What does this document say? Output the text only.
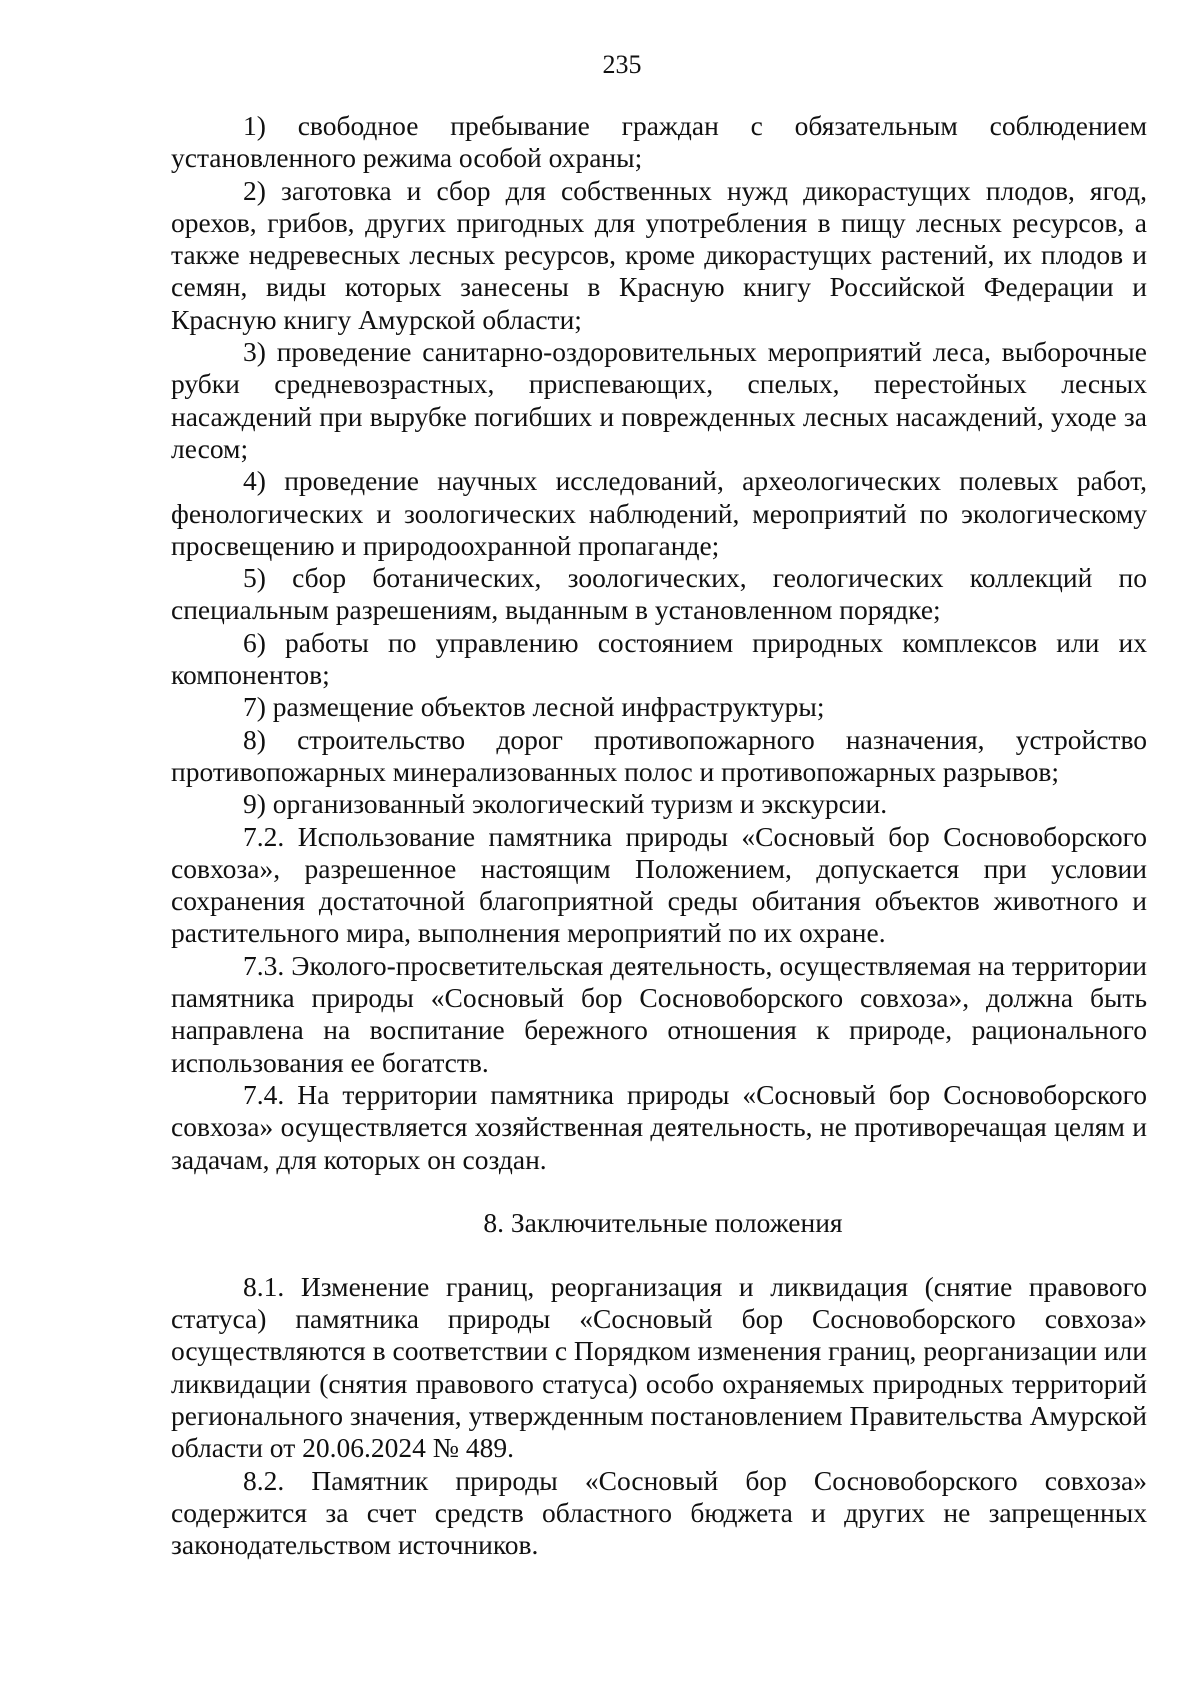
235

1) свободное пребывание граждан с обязательным соблюдением установленного режима особой охраны;

2) заготовка и сбор для собственных нужд дикорастущих плодов, ягод, орехов, грибов, других пригодных для употребления в пищу лесных ресурсов, а также недревесных лесных ресурсов, кроме дикорастущих растений, их плодов и семян, виды которых занесены в Красную книгу Российской Федерации и Красную книгу Амурской области;

3) проведение санитарно-оздоровительных мероприятий леса, выборочные рубки средневозрастных, приспевающих, спелых, перестойных лесных насаждений при вырубке погибших и поврежденных лесных насаждений, уходе за лесом;

4) проведение научных исследований, археологических полевых работ, фенологических и зоологических наблюдений, мероприятий по экологическому просвещению и природоохранной пропаганде;

5) сбор ботанических, зоологических, геологических коллекций по специальным разрешениям, выданным в установленном порядке;

6) работы по управлению состоянием природных комплексов или их компонентов;

7) размещение объектов лесной инфраструктуры;

8) строительство дорог противопожарного назначения, устройство противопожарных минерализованных полос и противопожарных разрывов;

9) организованный экологический туризм и экскурсии.

7.2. Использование памятника природы «Сосновый бор Сосновоборского совхоза», разрешенное настоящим Положением, допускается при условии сохранения достаточной благоприятной среды обитания объектов животного и растительного мира, выполнения мероприятий по их охране.

7.3. Эколого-просветительская деятельность, осуществляемая на территории памятника природы «Сосновый бор Сосновоборского совхоза», должна быть направлена на воспитание бережного отношения к природе, рационального использования ее богатств.

7.4. На территории памятника природы «Сосновый бор Сосновоборского совхоза» осуществляется хозяйственная деятельность, не противоречащая целям и задачам, для которых он создан.

8. Заключительные положения

8.1. Изменение границ, реорганизация и ликвидация (снятие правового статуса) памятника природы «Сосновый бор Сосновоборского совхоза» осуществляются в соответствии с Порядком изменения границ, реорганизации или ликвидации (снятия правового статуса) особо охраняемых природных территорий регионального значения, утвержденным постановлением Правительства Амурской области от 20.06.2024 № 489.

8.2. Памятник природы «Сосновый бор Сосновоборского совхоза» содержится за счет средств областного бюджета и других не запрещенных законодательством источников.
